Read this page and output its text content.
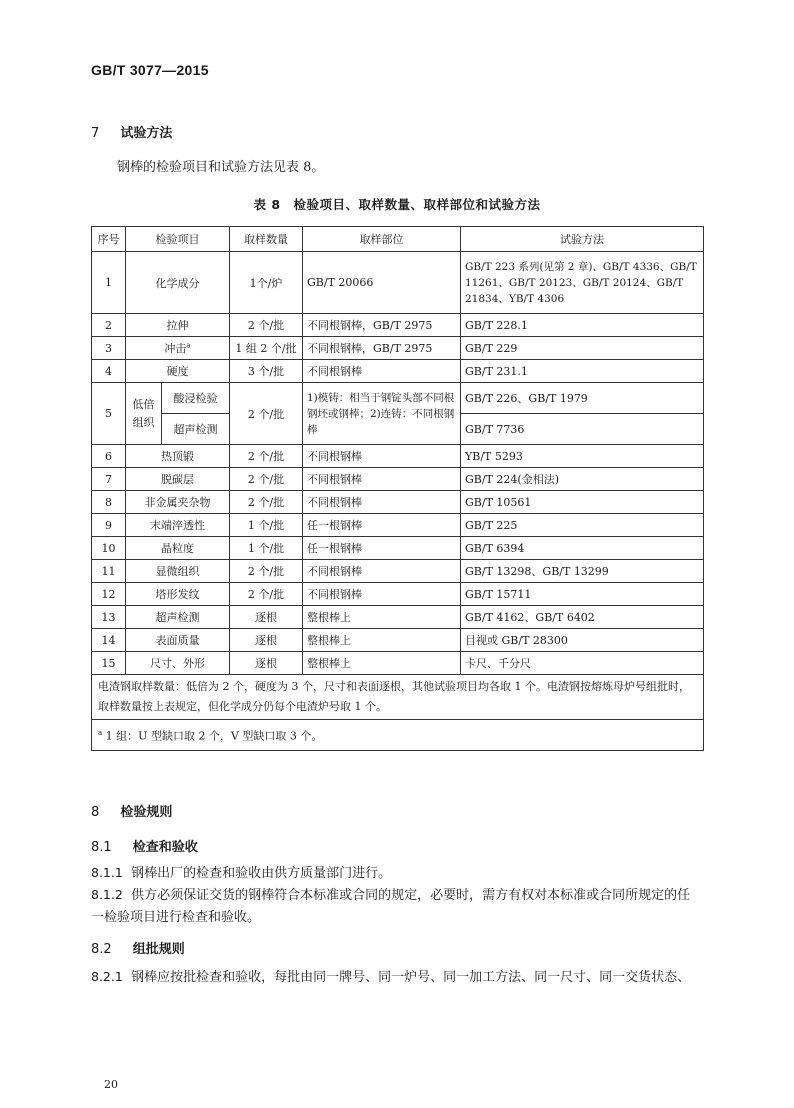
GB/T 3077—2015
7 试验方法
钢棒的检验项目和试验方法见表 8。
表 8　检验项目、取样数量、取样部位和试验方法
序号	检验项目		取样数量	取样部位	试验方法
1	化学成分		1个/炉	GB/T 20066	GB/T 223 系列(见第 2 章)、GB/T 4336、GB/T 11261、GB/T 20123、GB/T 20124、GB/T 21834、YB/T 4306
2	拉伸		2 个/批	不同根钢棒，GB/T 2975	GB/T 228.1
3	冲击$^a$		1 组 2 个/批	不同根钢棒，GB/T 2975	GB/T 229
4	硬度		3 个/批	不同根钢棒	GB/T 231.1
5	低倍组织	酸浸检验	2 个/批	1)模铸：相当于钢锭头部不同根钢坯或钢棒；2)连铸：不同根钢棒	GB/T 226、GB/T 1979
		超声检测			GB/T 7736
6	热顶锻		2 个/批	不同根钢棒	YB/T 5293
7	脱碳层		2 个/批	不同根钢棒	GB/T 224(金相法)
8	非金属夹杂物		2 个/批	不同根钢棒	GB/T 10561
9	末端淬透性		1 个/批	任一根钢棒	GB/T 225
10	晶粒度		1 个/批	任一根钢棒	GB/T 6394
11	显微组织		2 个/批	不同根钢棒	GB/T 13298、GB/T 13299
12	塔形发纹		2 个/批	不同根钢棒	GB/T 15711
13	超声检测		逐根	整根棒上	GB/T 4162、GB/T 6402
14	表面质量		逐根	整根棒上	目视或 GB/T 28300
15	尺寸、外形		逐根	整根棒上	卡尺、千分尺
电渣钢取样数量：低倍为 2 个，硬度为 3 个，尺寸和表面逐根，其他试验项目均各取 1 个。电渣钢按熔炼母炉号组批时，取样数量按上表规定，但化学成分仍每个电渣炉号取 1 个。					
$^a$ 1 组：U 型缺口取 2 个，V 型缺口取 3 个。					
8 检验规则
8.1 检查和验收
8.1.1 钢棒出厂的检查和验收由供方质量部门进行。
8.1.2 供方必须保证交货的钢棒符合本标准或合同的规定，必要时，需方有权对本标准或合同所规定的任一检验项目进行检查和验收。
8.2 组批规则
8.2.1 钢棒应按批检查和验收，每批由同一牌号、同一炉号、同一加工方法、同一尺寸、同一交货状态、
20
